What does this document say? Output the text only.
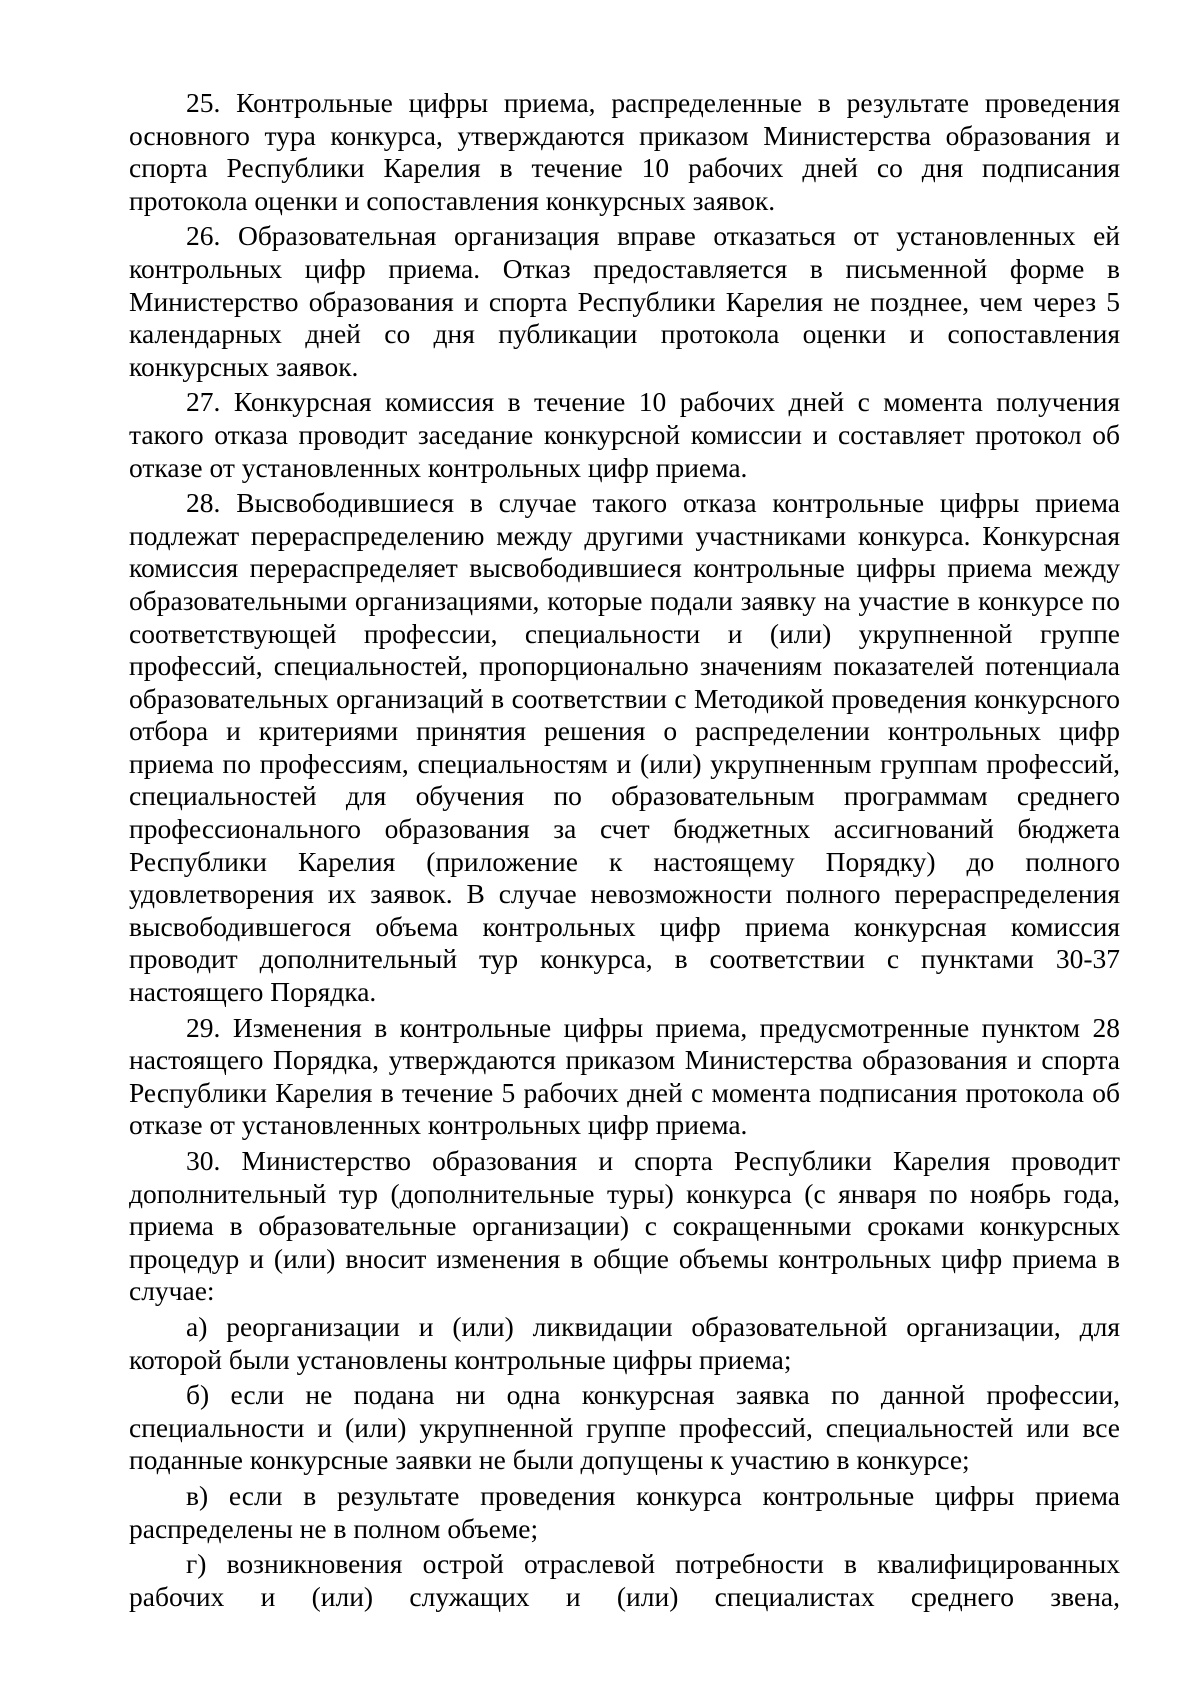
25. Контрольные цифры приема, распределенные в результате проведения основного тура конкурса, утверждаются приказом Министерства образования и спорта Республики Карелия в течение 10 рабочих дней со дня подписания протокола оценки и сопоставления конкурсных заявок.

26. Образовательная организация вправе отказаться от установленных ей контрольных цифр приема. Отказ предоставляется в письменной форме в Министерство образования и спорта Республики Карелия не позднее, чем через 5 календарных дней со дня публикации протокола оценки и сопоставления конкурсных заявок.

27. Конкурсная комиссия в течение 10 рабочих дней с момента получения такого отказа проводит заседание конкурсной комиссии и составляет протокол об отказе от установленных контрольных цифр приема.

28. Высвободившиеся в случае такого отказа контрольные цифры приема подлежат перераспределению между другими участниками конкурса. Конкурсная комиссия перераспределяет высвободившиеся контрольные цифры приема между образовательными организациями, которые подали заявку на участие в конкурсе по соответствующей профессии, специальности и (или) укрупненной группе профессий, специальностей, пропорционально значениям показателей потенциала образовательных организаций в соответствии с Методикой проведения конкурсного отбора и критериями принятия решения о распределении контрольных цифр приема по профессиям, специальностям и (или) укрупненным группам профессий, специальностей для обучения по образовательным программам среднего профессионального образования за счет бюджетных ассигнований бюджета Республики Карелия (приложение к настоящему Порядку) до полного удовлетворения их заявок. В случае невозможности полного перераспределения высвободившегося объема контрольных цифр приема конкурсная комиссия проводит дополнительный тур конкурса, в соответствии с пунктами 30-37 настоящего Порядка.

29. Изменения в контрольные цифры приема, предусмотренные пунктом 28 настоящего Порядка, утверждаются приказом Министерства образования и спорта Республики Карелия в течение 5 рабочих дней с момента подписания протокола об отказе от установленных контрольных цифр приема.

30. Министерство образования и спорта Республики Карелия проводит дополнительный тур (дополнительные туры) конкурса (с января по ноябрь года, приема в образовательные организации) с сокращенными сроками конкурсных процедур и (или) вносит изменения в общие объемы контрольных цифр приема в случае:

а) реорганизации и (или) ликвидации образовательной организации, для которой были установлены контрольные цифры приема;

б) если не подана ни одна конкурсная заявка по данной профессии, специальности и (или) укрупненной группе профессий, специальностей или все поданные конкурсные заявки не были допущены к участию в конкурсе;

в) если в результате проведения конкурса контрольные цифры приема распределены не в полном объеме;

г) возникновения острой отраслевой потребности в квалифицированных рабочих и (или) служащих и (или) специалистах среднего звена,
